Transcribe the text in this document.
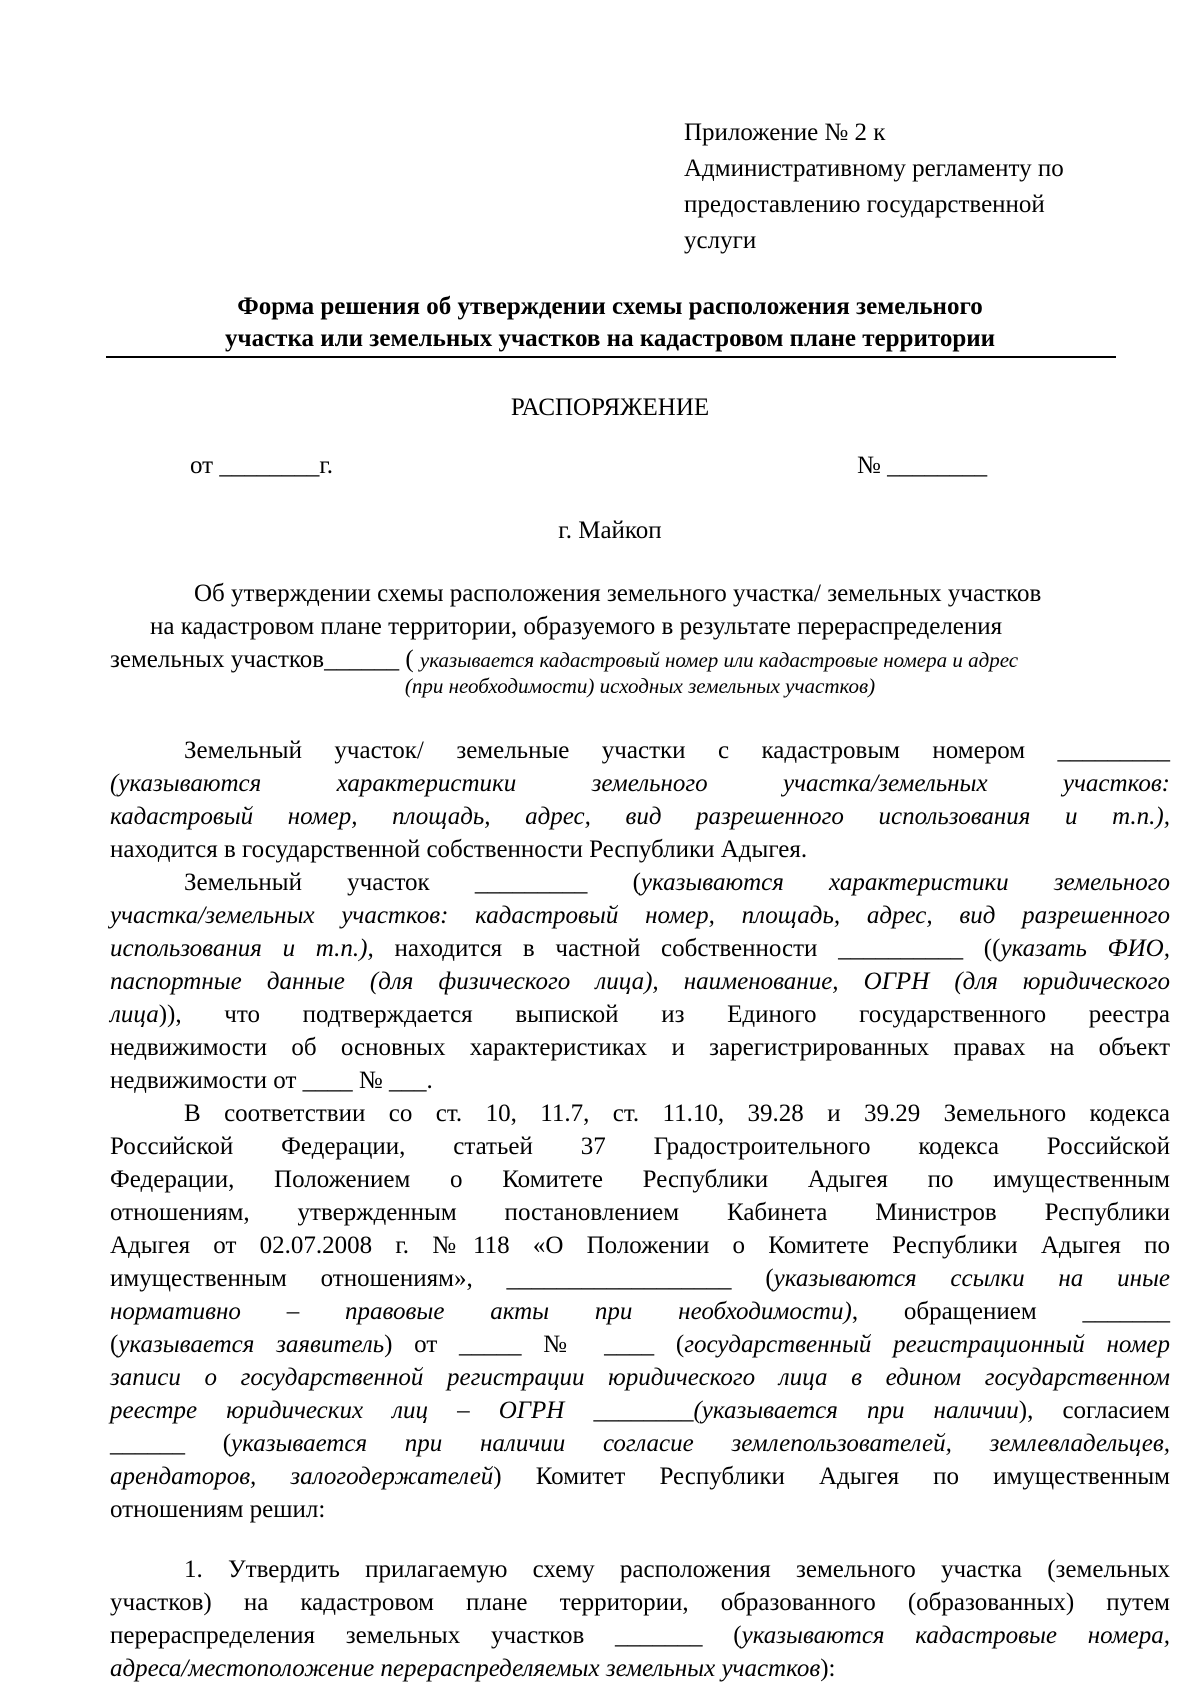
Приложение № 2 к
Административному регламенту по
предоставлению государственной
услуги
Форма решения об утверждении схемы расположения земельного
участка или земельных участков на кадастровом плане территории
РАСПОРЯЖЕНИЕ
от ________г.	№ ________
г. Майкоп
Об утверждении схемы расположения земельного участка/ земельных участков
на кадастровом плане территории, образуемого в результате перераспределения
земельных участков______ ( указывается кадастровый номер или кадастровые номера и адрес
(при необходимости) исходных земельных участков)
Земельный участок/ земельные участки с кадастровым номером _________
(указываются характеристики земельного участка/земельных участков:
кадастровый номер, площадь, адрес, вид разрешенного использования и т.п.),
находится в государственной собственности Республики Адыгея.
Земельный участок _________ (указываются характеристики земельного
участка/земельных участков: кадастровый номер, площадь, адрес, вид разрешенного
использования и т.п.), находится в частной собственности __________ ((указать ФИО,
паспортные данные (для физического лица), наименование, ОГРН (для юридического
лица)), что подтверждается выпиской из Единого государственного реестра
недвижимости об основных характеристиках и зарегистрированных правах на объект
недвижимости от ____ № ___.
В соответствии со ст. 10, 11.7, ст. 11.10, 39.28 и 39.29 Земельного кодекса
Российской Федерации, статьей 37 Градостроительного кодекса Российской
Федерации, Положением о Комитете Республики Адыгея по имущественным
отношениям, утвержденным постановлением Кабинета Министров Республики
Адыгея от 02.07.2008 г. №118 «О Положении о Комитете Республики Адыгея по
имущественным отношениям», __________________ (указываются ссылки на иные
нормативно – правовые акты при необходимости), обращением _______
(указывается заявитель) от _____ № ____ (государственный регистрационный номер
записи о государственной регистрации юридического лица в едином государственном
реестре юридических лиц – ОГРН ________(указывается при наличии), согласием
______ (указывается при наличии согласие землепользователей, землевладельцев,
арендаторов, залогодержателей) Комитет Республики Адыгея по имущественным
отношениям решил:
1. Утвердить прилагаемую схему расположения земельного участка (земельных
участков) на кадастровом плане территории, образованного (образованных) путем
перераспределения земельных участков _______ (указываются кадастровые номера,
адреса/местоположение перераспределяемых земельных участков):
